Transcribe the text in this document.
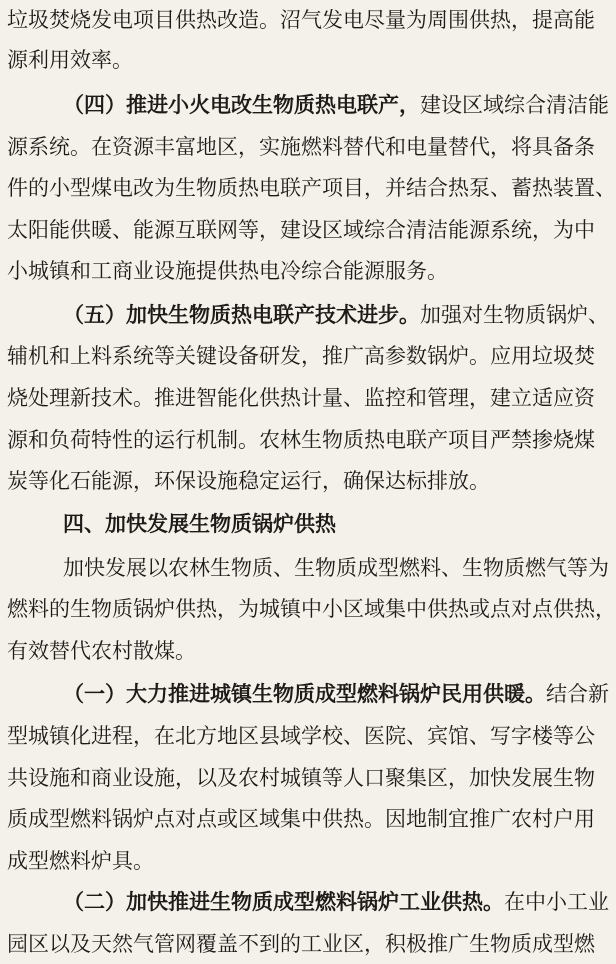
垃圾焚烧发电项目供热改造。沼气发电尽量为周围供热，提高能
源利用效率。
（四）推进小火电改生物质热电联产，建设区域综合清洁能
源系统。在资源丰富地区，实施燃料替代和电量替代，将具备条
件的小型煤电改为生物质热电联产项目，并结合热泵、蓄热装置、
太阳能供暖、能源互联网等，建设区域综合清洁能源系统，为中
小城镇和工商业设施提供热电冷综合能源服务。
（五）加快生物质热电联产技术进步。加强对生物质锅炉、
辅机和上料系统等关键设备研发，推广高参数锅炉。应用垃圾焚
烧处理新技术。推进智能化供热计量、监控和管理，建立适应资
源和负荷特性的运行机制。农林生物质热电联产项目严禁掺烧煤
炭等化石能源，环保设施稳定运行，确保达标排放。
四、加快发展生物质锅炉供热
加快发展以农林生物质、生物质成型燃料、生物质燃气等为
燃料的生物质锅炉供热，为城镇中小区域集中供热或点对点供热，
有效替代农村散煤。
（一）大力推进城镇生物质成型燃料锅炉民用供暖。结合新
型城镇化进程，在北方地区县域学校、医院、宾馆、写字楼等公
共设施和商业设施，以及农村城镇等人口聚集区，加快发展生物
质成型燃料锅炉点对点或区域集中供热。因地制宜推广农村户用
成型燃料炉具。
（二）加快推进生物质成型燃料锅炉工业供热。在中小工业
园区以及天然气管网覆盖不到的工业区，积极推广生物质成型燃
